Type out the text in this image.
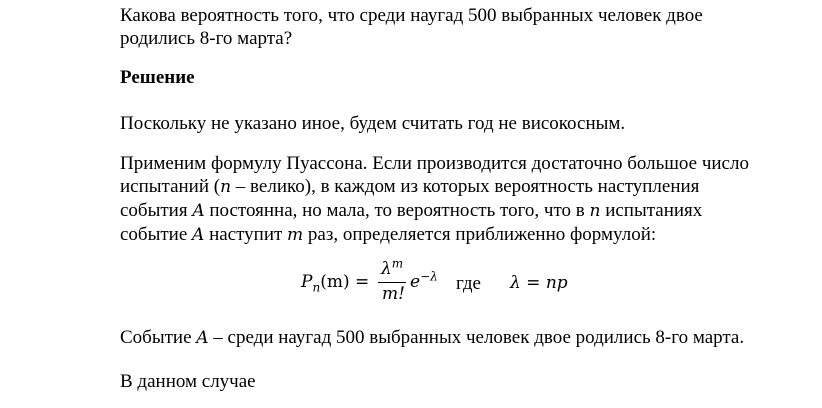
Какова вероятность того, что среди наугад 500 выбранных человек двое
родились 8-го марта?

Решение

Поскольку не указано иное, будем считать год не високосным.

Применим формулу Пуассона. Если производится достаточно большое число
испытаний (n – велико), в каждом из которых вероятность наступления
события A постоянна, но мала, то вероятность того, что в n испытаниях
событие A наступит m раз, определяется приближенно формулой:

$P_n(m)$ =
$\lambda^m$
m!
$e^{-\lambda}$ где λ = np

Событие A – среди наугад 500 выбранных человек двое родились 8-го марта.

В данном случае
